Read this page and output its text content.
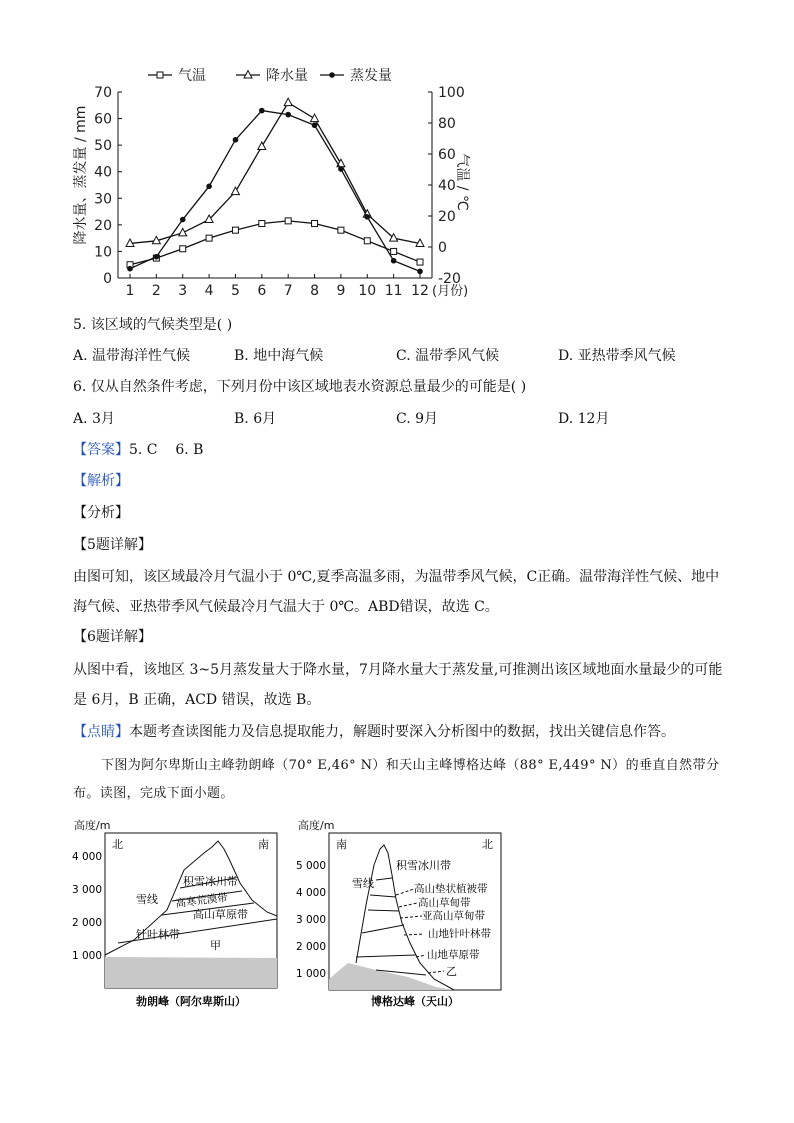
气温	降水量	蒸发量
0
10
20
30
40
50
60
70
-20
0
20
40
60
80
100
1 2 3 4 5 6 7 8 9 10 11 12 (月份)
降水量、蒸发量 / mm	气温 / ℃
5. 该区域的气候类型是( )
A. 温带海洋性气候	B. 地中海气候	C. 温带季风气候	D. 亚热带季风气候
6. 仅从自然条件考虑，下列月份中该区域地表水资源总量最少的可能是( )
A. 3月	B. 6月	C. 9月	D. 12月
【答案】5. C    6. B
【解析】
【分析】
【5题详解】
由图可知，该区域最冷月气温小于 0℃,夏季高温多雨，为温带季风气候，C正确。温带海洋性气候、地中海气候、亚热带季风气候最冷月气温大于 0℃。ABD错误，故选 C。
【6题详解】
从图中看，该地区 3~5月蒸发量大于降水量，7月降水量大于蒸发量,可推测出该区域地面水量最少的可能是 6月，B 正确，ACD 错误，故选 B。
【点睛】本题考查读图能力及信息提取能力，解题时要深入分析图中的数据，找出关键信息作答。
下图为阿尔卑斯山主峰勃朗峰（70° E,46° N）和天山主峰博格达峰（88° E,449° N）的垂直自然带分布。读图，完成下面小题。
高度/m
北	南
4 000
3 000
2 000
1 000
积雪冰川带
雪线 高寒荒漠带
高山草原带
针叶林带
甲
勃朗峰（阿尔卑斯山）
高度/m
南	北
5 000
4 000
3 000
2 000
1 000
积雪冰川带
雪线	高山垫状植被带
高山草甸带
亚高山草甸带
山地针叶林带
山地草原带
乙
博格达峰（天山）
